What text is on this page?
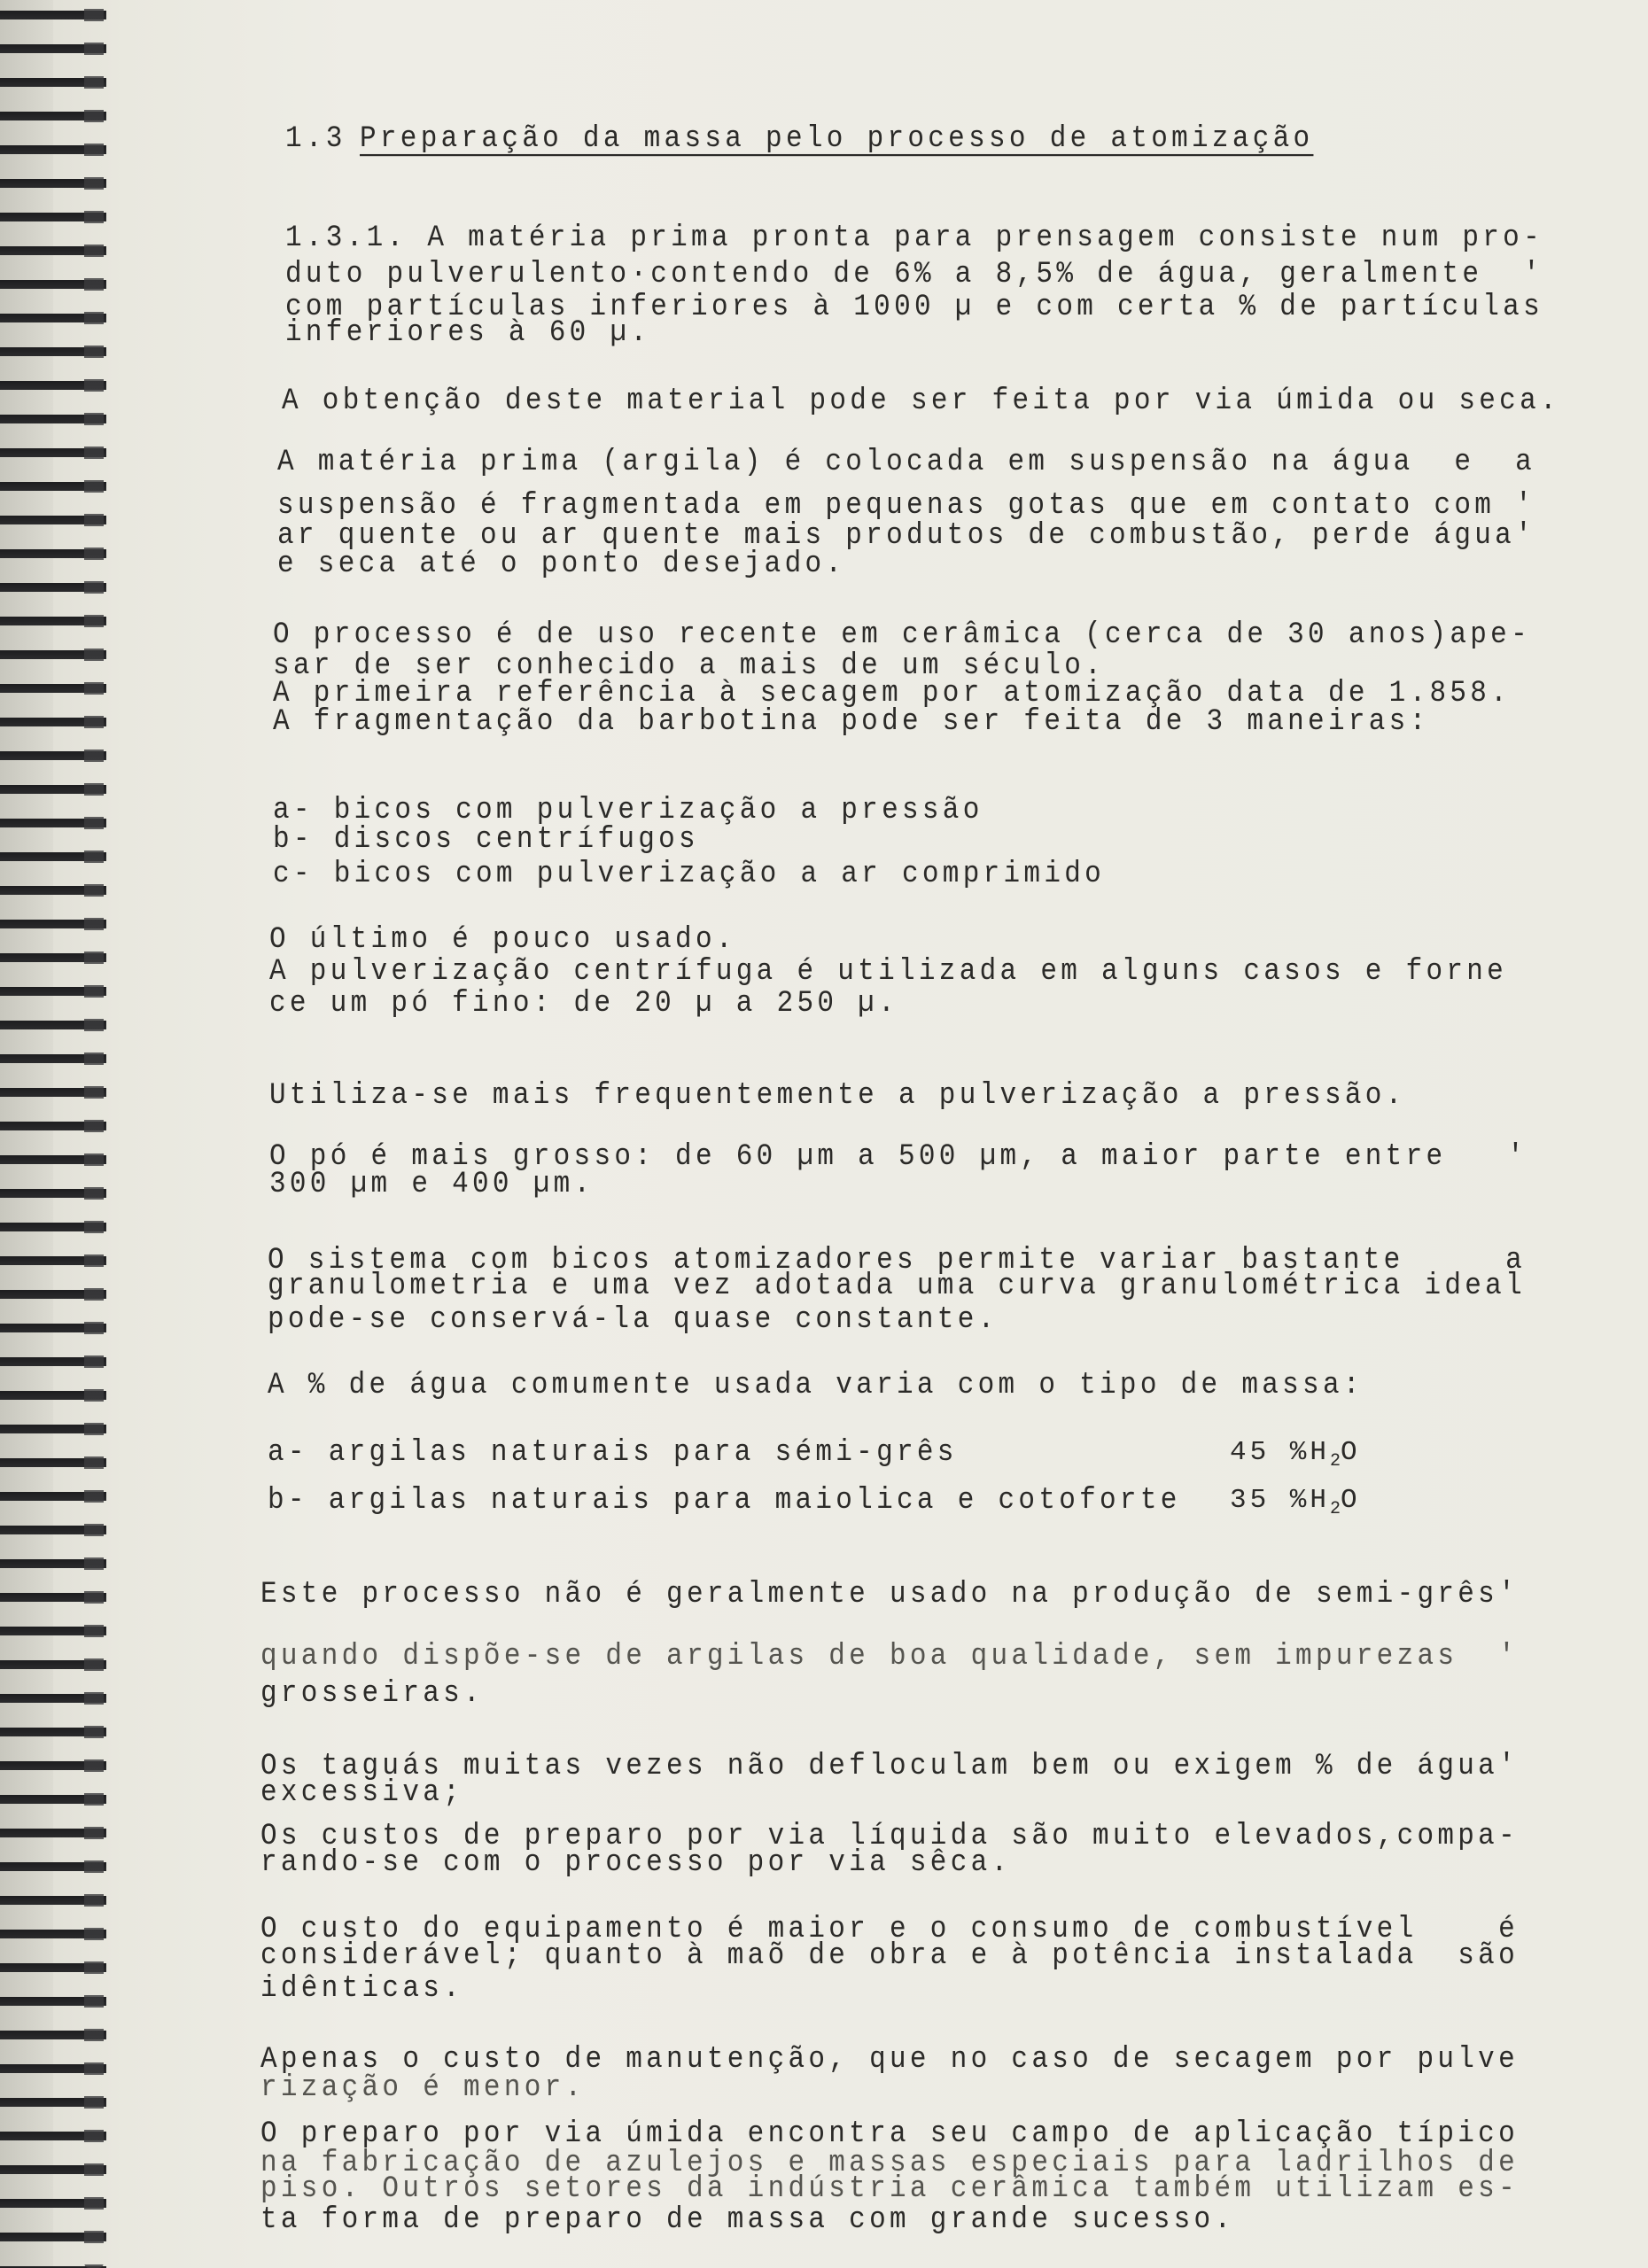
1.3 Preparação da massa pelo processo de atomização
1.3.1. A matéria prima pronta para prensagem consiste num pro-
duto pulverulento·contendo de 6% a 8,5% de água, geralmente  '
com partículas inferiores à 1000 µ e com certa % de partículas
inferiores à 60 µ.
A obtenção deste material pode ser feita por via úmida ou seca.
A matéria prima (argila) é colocada em suspensão na água  e  a
suspensão é fragmentada em pequenas gotas que em contato com '
ar quente ou ar quente mais produtos de combustão, perde água'
e seca até o ponto desejado.
O processo é de uso recente em cerâmica (cerca de 30 anos)ape-
sar de ser conhecido a mais de um século.
A primeira referência à secagem por atomização data de 1.858.
A fragmentação da barbotina pode ser feita de 3 maneiras:
a- bicos com pulverização a pressão
b- discos centrífugos
c- bicos com pulverização a ar comprimido
O último é pouco usado.
A pulverização centrífuga é utilizada em alguns casos e forne
ce um pó fino: de 20 µ a 250 µ.
Utiliza-se mais frequentemente a pulverização a pressão.
O pó é mais grosso: de 60 µm a 500 µm, a maior parte entre   '
300 µm e 400 µm.
O sistema com bicos atomizadores permite variar bastante     a
granulometria e uma vez adotada uma curva granulométrica ideal
pode-se conservá-la quase constante.
A % de água comumente usada varia com o tipo de massa:
a- argilas naturais para sémi-grês
b- argilas naturais para maiolica e cotoforte
Este processo não é geralmente usado na produção de semi-grês'
quando dispõe-se de argilas de boa qualidade, sem impurezas  '
grosseiras.
Os taguás muitas vezes não defloculam bem ou exigem % de água'
excessiva;
Os custos de preparo por via líquida são muito elevados,compa-
rando-se com o processo por via sêca.
O custo do equipamento é maior e o consumo de combustível    é
considerável; quanto à maõ de obra e à potência instalada  são
idênticas.
Apenas o custo de manutenção, que no caso de secagem por pulve
rização é menor.
O preparo por via úmida encontra seu campo de aplicação típico
na fabricação de azulejos e massas especiais para ladrilhos de
piso. Outros setores da indústria cerâmica também utilizam es-
ta forma de preparo de massa com grande sucesso.
45 $\%H_2O$
35 $\%H_2O$
